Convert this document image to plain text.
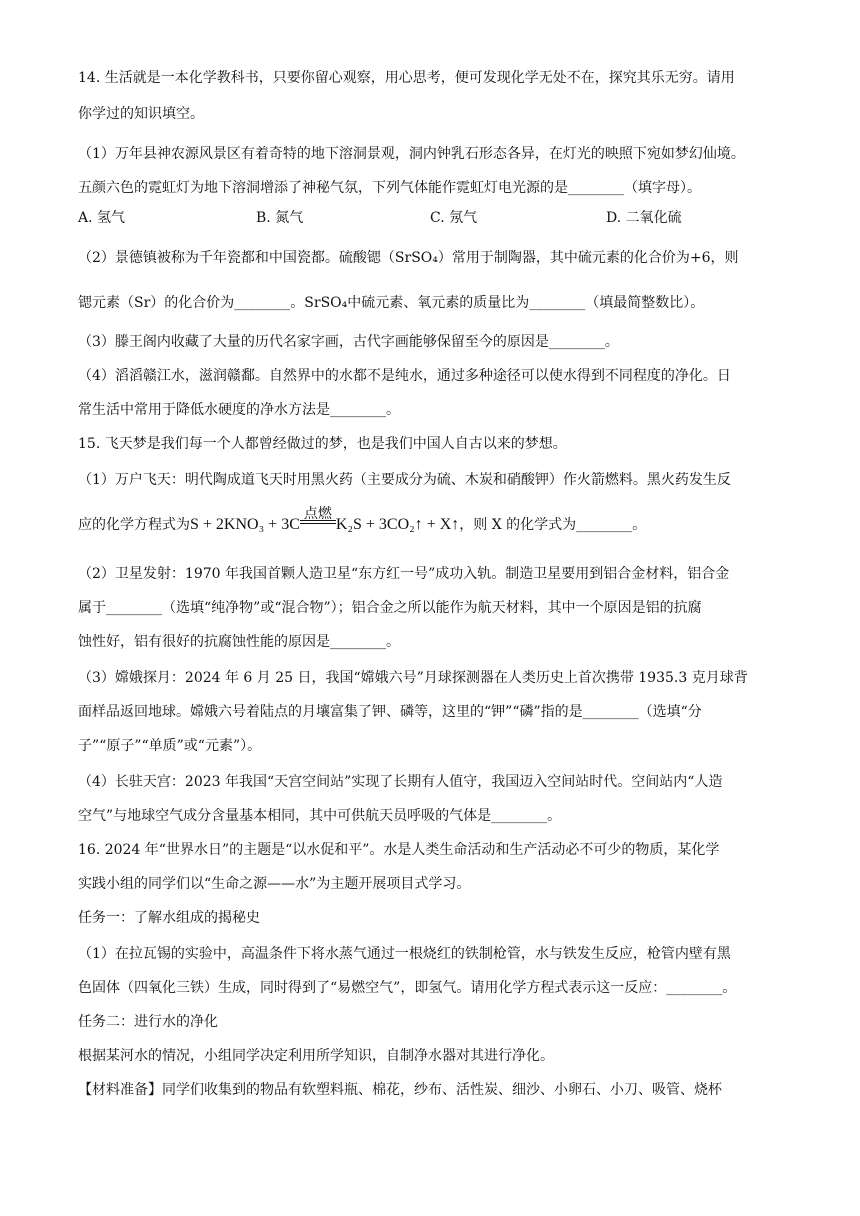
14. 生活就是一本化学教科书，只要你留心观察，用心思考，便可发现化学无处不在，探究其乐无穷。请用
你学过的知识填空。
（1）万年县神农源风景区有着奇特的地下溶洞景观，洞内钟乳石形态各异，在灯光的映照下宛如梦幻仙境。
五颜六色的霓虹灯为地下溶洞增添了神秘气氛，下列气体能作霓虹灯电光源的是________（填字母）。
A. 氢气	B. 氮气	C. 氖气	D. 二氧化硫
（2）景德镇被称为千年瓷都和中国瓷都。硫酸锶（SrSO₄）常用于制陶器，其中硫元素的化合价为+6，则
锶元素（Sr）的化合价为________。SrSO₄中硫元素、氧元素的质量比为________（填最简整数比）。
（3）滕王阁内收藏了大量的历代名家字画，古代字画能够保留至今的原因是________。
（4）滔滔赣江水，滋润赣鄱。自然界中的水都不是纯水，通过多种途径可以使水得到不同程度的净化。日
常生活中常用于降低水硬度的净水方法是________。
15. 飞天梦是我们每一个人都曾经做过的梦，也是我们中国人自古以来的梦想。
（1）万户飞天：明代陶成道飞天时用黑火药（主要成分为硫、木炭和硝酸钾）作火箭燃料。黑火药发生反
应的化学方程式为S + 2KNO₃ + 3C
点燃
K₂S + 3CO₂↑ + X↑，则 X 的化学式为________。
（2）卫星发射：1970 年我国首颗人造卫星“东方红一号”成功入轨。制造卫星要用到铝合金材料，铝合金
属于________（选填“纯净物”或“混合物”）；铝合金之所以能作为航天材料，其中一个原因是铝的抗腐
蚀性好，铝有很好的抗腐蚀性能的原因是________。
（3）嫦娥探月：2024 年 6 月 25 日，我国“嫦娥六号”月球探测器在人类历史上首次携带 1935.3 克月球背
面样品返回地球。嫦娥六号着陆点的月壤富集了钾、磷等，这里的“钾”“磷”指的是________（选填“分
子”“原子”“单质”或“元素”）。
（4）长驻天宫：2023 年我国“天宫空间站”实现了长期有人值守，我国迈入空间站时代。空间站内“人造
空气”与地球空气成分含量基本相同，其中可供航天员呼吸的气体是________。
16. 2024 年“世界水日”的主题是“以水促和平”。水是人类生命活动和生产活动必不可少的物质，某化学
实践小组的同学们以“生命之源——水”为主题开展项目式学习。
任务一：了解水组成的揭秘史
（1）在拉瓦锡的实验中，高温条件下将水蒸气通过一根烧红的铁制枪管，水与铁发生反应，枪管内壁有黑
色固体（四氧化三铁）生成，同时得到了“易燃空气”，即氢气。请用化学方程式表示这一反应：________。
任务二：进行水的净化
根据某河水的情况，小组同学决定利用所学知识，自制净水器对其进行净化。
【材料准备】同学们收集到的物品有软塑料瓶、棉花，纱布、活性炭、细沙、小卵石、小刀、吸管、烧杯
